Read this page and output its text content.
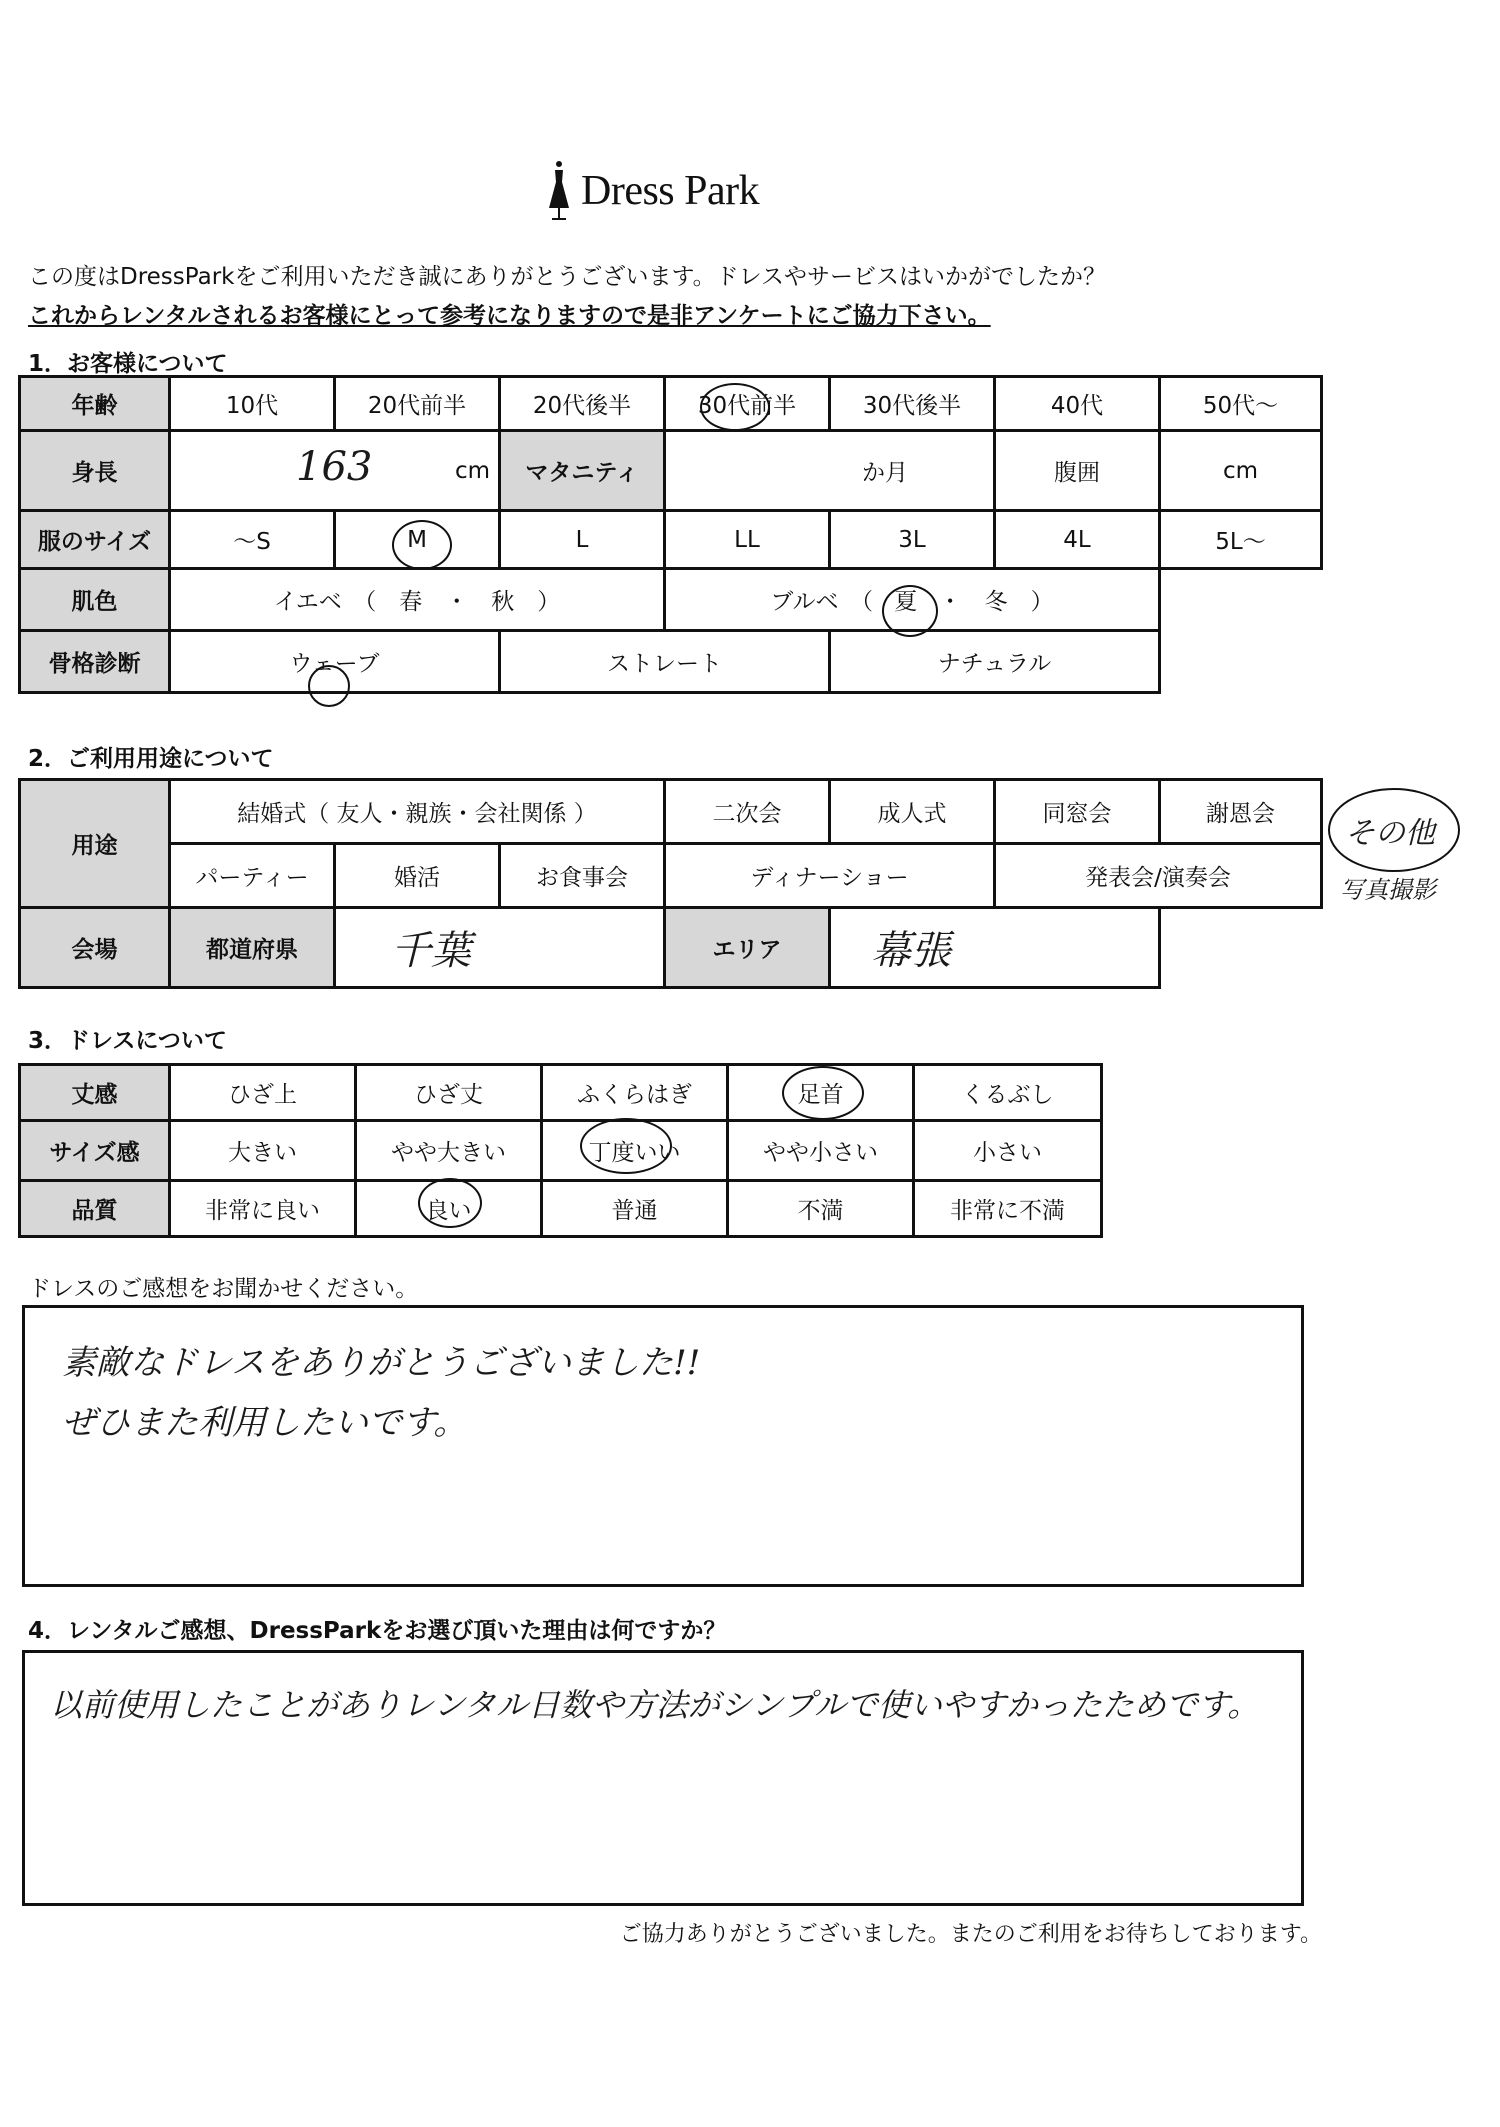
Dress Park
この度はDressParkをご利用いただき誠にありがとうございます。ドレスやサービスはいかがでしたか？
これからレンタルされるお客様にとって参考になりますので是非アンケートにご協力下さい。
1．お客様について
年齢	10代	20代前半	20代後半	30代前半	30代後半	40代	50代～
身長	163 cm		マタニティ	か月		腹囲	cm
服のサイズ	～S	M	L	LL	3L	4L	5L～
肌色	イエベ　（　春　・　秋　）			ブルベ　（ 夏 ・　冬　）			
骨格診断	ウェーブ		ストレート		ナチュラル		
2．ご利用用途について
用途	結婚式（ 友人・親族・会社関係 ）			二次会	成人式	同窓会	謝恩会
	パーティー	婚活	お食事会	ディナーショー		発表会/演奏会	
会場	都道府県	千葉		エリア	幕張		
その他
写真撮影
3．ドレスについて
丈感	ひざ上	ひざ丈	ふくらはぎ	足首	くるぶし
サイズ感	大きい	やや大きい	丁度いい	やや小さい	小さい
品質	非常に良い	良い	普通	不満	非常に不満
ドレスのご感想をお聞かせください。
素敵なドレスをありがとうございました!!
ぜひまた利用したいです。
4．レンタルご感想、DressParkをお選び頂いた理由は何ですか？
以前使用したことがありレンタル日数や方法がシンプルで使いやすかったためです。
ご協力ありがとうございました。またのご利用をお待ちしております。
